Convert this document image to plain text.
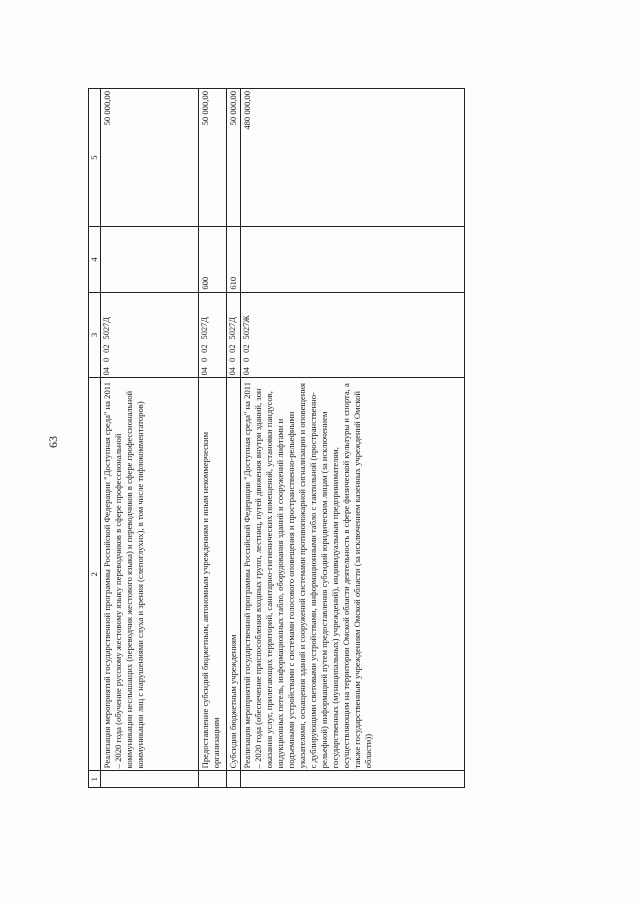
63
1	2	3	4	5
	Реализация мероприятий государственной программы Российской Федерации "Доступная среда" на 2011 – 2020 года (обучение русскому жестовому языку переводчиков в сфере профессиональной коммуникации неслышащих (переводчик жестового языка) и переводчиков в сфере профессиональной коммуникации лиц с нарушениями слуха и зрения (слепоглухих), в том числе тифлокомментаторов)	040025027Д		50 000,00
	Предоставление субсидий бюджетным, автономным учреждениям и иным некоммерческим организациям	040025027Д	600	50 000,00
	Субсидии бюджетным учреждениям	040025027Д	610	50 000,00
	Реализация мероприятий государственной программы Российской Федерации "Доступная среда" на 2011 – 2020 года (обеспечение приспособления входных групп, лестниц, путей движения внутри зданий, зон оказания услуг, прилегающих территорий, санитарно-гигиенических помещений, установки пандусов, индукционных петель, информационных табло, оборудования зданий и сооружений лифтами и подъемными устройствами с системами голосового оповещения и пространственно-рельефными указателями, оснащения зданий и сооружений системами противопожарной сигнализации и оповещения с дублирующими световыми устройствами, информационными табло с тактильной (пространственно-рельефной) информацией путем предоставления субсидий юридическим лицам (за исключением государственных (муниципальных) учреждений), индивидуальным предпринимателям, осуществляющим на территории Омской области деятельность в сфере физической культуры и спорта, а также государственным учреждениям Омской области (за исключением казенных учреждений Омской области))	040025027Ж		480 000,00
